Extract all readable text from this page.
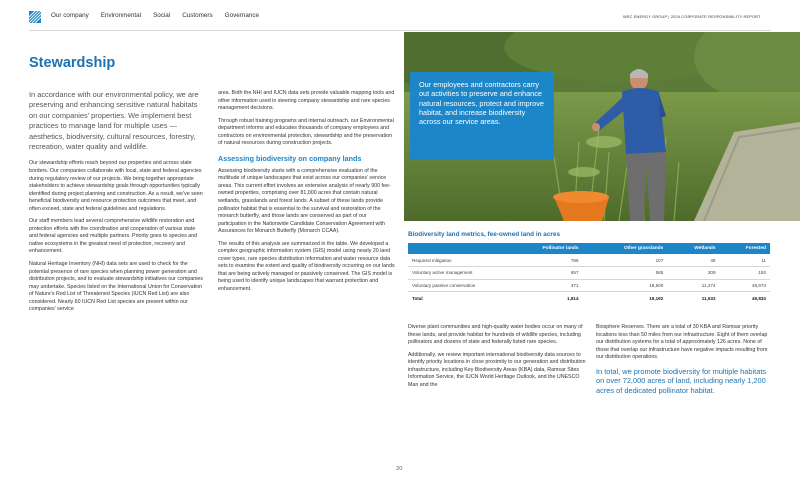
Our company Environmental Social Customers Governance	WEC ENERGY GROUP | 2024 CORPORATE RESPONSIBILITY REPORT
Stewardship

In accordance with our environmental policy, we are preserving and enhancing sensitive natural habitats on our companies’ properties. We implement best practices to manage land for multiple uses — aesthetics, biodiversity, cultural resources, forestry, recreation, water quality and wildlife.

Our stewardship efforts reach beyond our properties and across state borders. Our companies collaborate with local, state and federal agencies during regulatory review of our projects. We bring together appropriate stakeholders to achieve stewardship goals through opportunities typically identified during project planning and construction. As a result, we’ve seen beneficial biodiversity and resource protection outcomes that meet, and often exceed, state and federal guidelines and regulations.

Our staff members lead several comprehensive wildlife restoration and protection efforts with the coordination and cooperation of various state and federal agencies and multiple partners. Priority goes to species and native ecosystems in the greatest need of protection, recovery and enhancement.

Natural Heritage Inventory (NHI) data sets are used to check for the potential presence of rare species when planning power generation and distribution projects, and to evaluate stewardship initiatives our companies may undertake. Species listed on the International Union for Conservation of Nature’s Red List of Threatened Species (IUCN Red List) are also considered. Nearly 60 IUCN Red List species are present within our companies’ service

area. Both the NHI and IUCN data sets provide valuable mapping tools and other information used in steering company stewardship and rare species management decisions.

Through robust training programs and internal outreach, our Environmental department informs and educates thousands of company employees and contractors on environmental protection, stewardship and the preservation of natural resources during construction projects.

Assessing biodiversity on company lands

Assessing biodiversity starts with a comprehensive evaluation of the multitude of unique landscapes that exist across our companies’ service areas. This current effort involves an extensive analysis of nearly 900 fee-owned properties, comprising over 81,000 acres that contain natural wetlands, grasslands and forest lands. A subset of these lands provide pollinator habitat that is essential to the survival and restoration of the monarch butterfly, and those lands are conserved as part of our participation in the Nationwide Candidate Conservation Agreement with Assurances for Monarch Butterfly (Monarch CCAA).

The results of this analysis are summarized in the table. We developed a complex geographic information system (GIS) model using nearly 20 land cover types, rare species distribution information and water resource data sets to examine the extent and quality of biodiversity occurring on our lands that are being actively managed or passively conserved. The GIS model is being used to identify unique landscapes that warrant protection and enhancement.

Our employees and contractors carry out activities to preserve and enhance natural resources, protect and improve habitat, and increase biodiversity across our service areas.

Biodiversity land metrics, fee-owned land in acres
	Pollinator lands	Other grasslands	Wetlands	Forested
Required mitigation	786	107	49	11
Voluntary active management	657	585	209	150
Voluntary passive conservation	371	18,500	11,274	49,673
Total	1,814	19,192	11,532	49,834

Diverse plant communities and high-quality water bodies occur on many of these lands, and provide habitat for hundreds of wildlife species, including pollinators and dozens of state and federally listed rare species.

Additionally, we review important international biodiversity data sources to identify priority locations in close proximity to our generation and distribution infrastructure, including Key Biodiversity Areas (KBA) data, Ramsar Sites Information Service, the IUCN World Heritage Outlook, and the UNESCO Man and the

Biosphere Reserves. There are a total of 30 KBA and Ramsar priority locations less than 50 miles from our infrastructure. Eight of them overlap our distribution systems for a total of approximately 126 acres. None of those that overlap our infrastructure have negative impacts resulting from our distribution operations.

In total, we promote biodiversity for multiple habitats on over 72,000 acres of land, including nearly 1,200 acres of dedicated pollinator habitat.

20
